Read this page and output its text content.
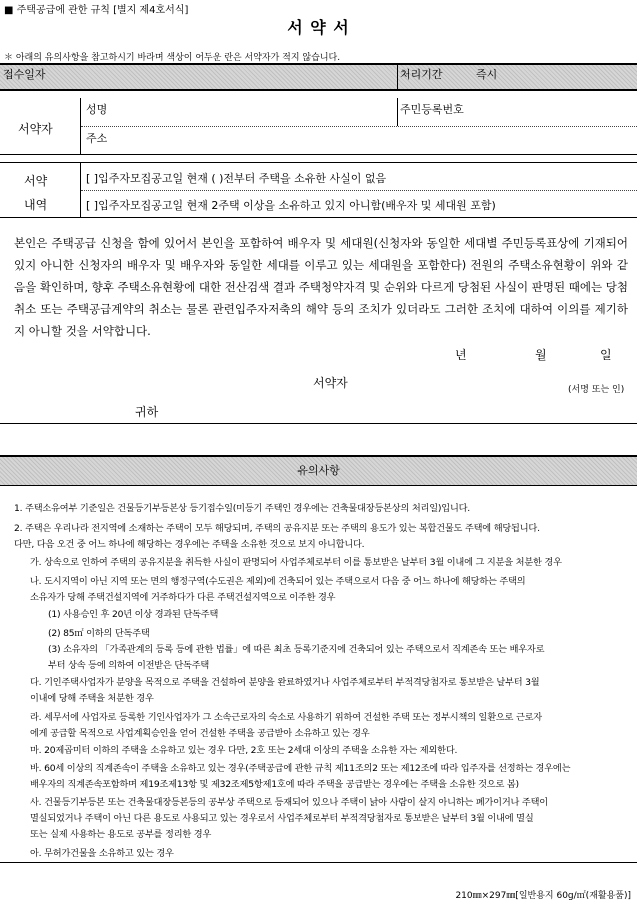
■ 주택공급에 관한 규칙 [별지 제4호서식]
서 약 서
＊ 아래의 유의사항을 참고하시기 바라며 색상이 어두운 란은 서약자가 적지 않습니다.
접수일자	처리기간	즉시
서약자
성명	주민등록번호
주소
서약
내역
[ ]입주자모집공고일 현재 ( )전부터 주택을 소유한 사실이 없음
[ ]입주자모집공고일 현재 2주택 이상을 소유하고 있지 아니함(배우자 및 세대원 포함)

본인은 주택공급 신청을 함에 있어서 본인을 포함하여 배우자 및 세대원(신청자와 동일한 세대별 주민등록표상에 기재되어 있지 아니한 신청자의 배우자 및 배우자와 동일한 세대를 이루고 있는 세대원을 포함한다) 전원의 주택소유현황이 위와 같음을 확인하며, 향후 주택소유현황에 대한 전산검색 결과 주택청약자격 및 순위와 다르게 당첨된 사실이 판명된 때에는 당첨취소 또는 주택공급계약의 취소는 물론 관련입주자저축의 해약 등의 조치가 있더라도 그러한 조치에 대하여 이의를 제기하지 아니할 것을 서약합니다.

년	월	일
서약자	(서명 또는 인)
귀하
유의사항
1. 주택소유여부 기준일은 건물등기부등본상 등기접수일(미등기 주택인 경우에는 건축물대장등본상의 처리일)입니다.
2. 주택은 우리나라 전지역에 소재하는 주택이 모두 해당되며, 주택의 공유지분 또는 주택의 용도가 있는 복합건물도 주택에 해당됩니다.
다만, 다음 오건 중 어느 하나에 해당하는 경우에는 주택을 소유한 것으로 보지 아니합니다.
가. 상속으로 인하여 주택의 공유지분을 취득한 사실이 판명되어 사업주체로부터 이를 통보받은 날부터 3월 이내에 그 지분을 처분한 경우
나. 도시지역이 아닌 지역 또는 면의 행정구역(수도권은 제외)에 건축되어 있는 주택으로서 다음 중 어느 하나에 해당하는 주택의
소유자가 당해 주택건설지역에 거주하다가 다른 주택건설지역으로 이주한 경우
(1) 사용승인 후 20년 이상 경과된 단독주택
(2) 85㎡ 이하의 단독주택
(3) 소유자의 「가족관계의 등록 등에 관한 법률」에 따른 최초 등록기준지에 건축되어 있는 주택으로서 직계존속 또는 배우자로
부터 상속 등에 의하여 이전받은 단독주택
다. 기인주택사업자가 분양을 목적으로 주택을 건설하여 분양을 완료하였거나 사업주체로부터 부적격당첨자로 통보받은 날부터 3월
이내에 당해 주택을 처분한 경우
라. 세무서에 사업자로 등록한 기인사업자가 그 소속근로자의 숙소로 사용하기 위하여 건설한 주택 또는 정부시책의 일환으로 근로자
에게 공급할 목적으로 사업계획승인을 얻어 건설한 주택을 공급받아 소유하고 있는 경우
마. 20제곱미터 이하의 주택을 소유하고 있는 경우 다만, 2호 또는 2세대 이상의 주택을 소유한 자는 제외한다.
바. 60세 이상의 직계존속이 주택을 소유하고 있는 경우(주택공급에 관한 규칙 제11조의2 또는 제12조에 따라 입주자를 선정하는 경우에는
배우자의 직계존속포함하며 제19조제13항 및 제32조제5항제1호에 따라 주택을 공급받는 경우에는 주택을 소유한 것으로 봄)
사. 건물등기부등본 또는 건축물대장등본등의 공부상 주택으로 등재되어 있으나 주택이 낡아 사람이 살지 아니하는 폐가이거나 주택이
멸실되었거나 주택이 아닌 다른 용도로 사용되고 있는 경우로서 사업주체로부터 부적격당첨자로 통보받은 날부터 3월 이내에 멸실
또는 실제 사용하는 용도로 공부를 정리한 경우
아. 무허가건물을 소유하고 있는 경우
210㎜×297㎜[일반용지 60g/㎡(재활용품)]
